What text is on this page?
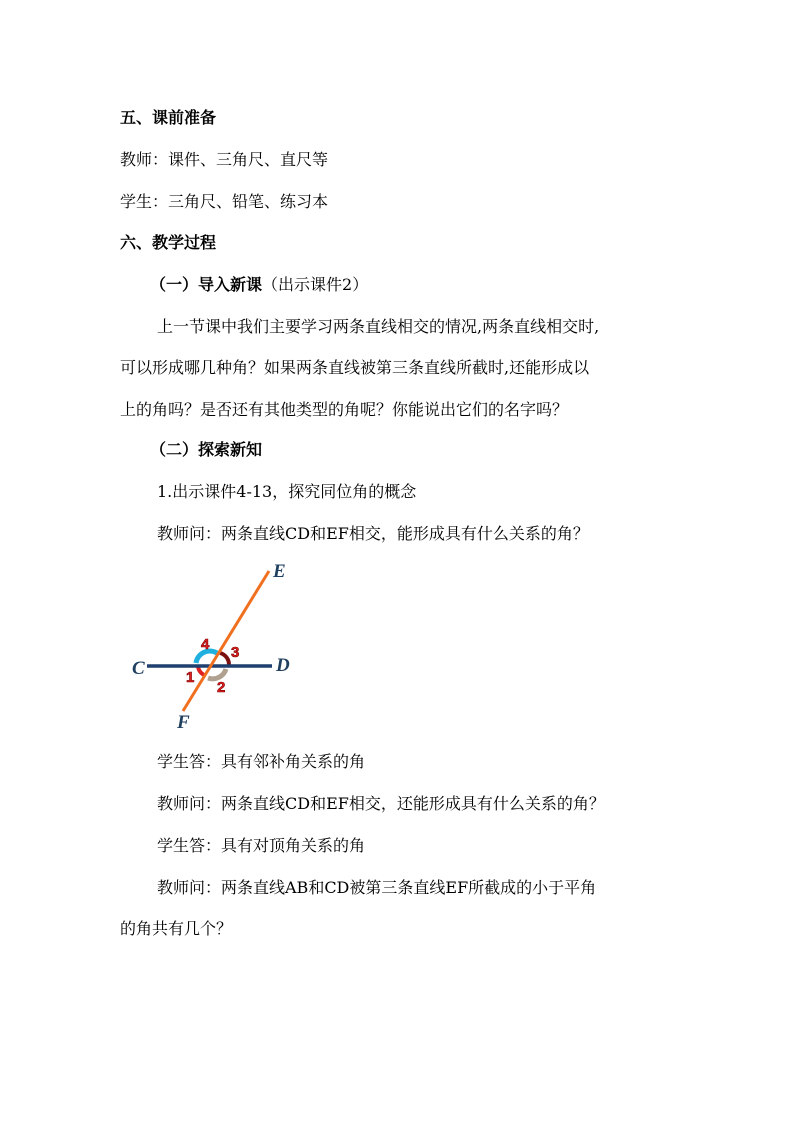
五、课前准备
教师：课件、三角尺、直尺等
学生：三角尺、铅笔、练习本
六、教学过程
（一）导入新课（出示课件2）
上一节课中我们主要学习两条直线相交的情况,两条直线相交时,
可以形成哪几种角？如果两条直线被第三条直线所截时,还能形成以
上的角吗？是否还有其他类型的角呢？你能说出它们的名字吗？
（二）探索新知
1.出示课件4-13，探究同位角的概念
教师问：两条直线CD和EF相交，能形成具有什么关系的角？
E
F
C	D
4 3
2
1
学生答：具有邻补角关系的角
教师问：两条直线CD和EF相交，还能形成具有什么关系的角？
学生答：具有对顶角关系的角
教师问：两条直线AB和CD被第三条直线EF所截成的小于平角
的角共有几个？
